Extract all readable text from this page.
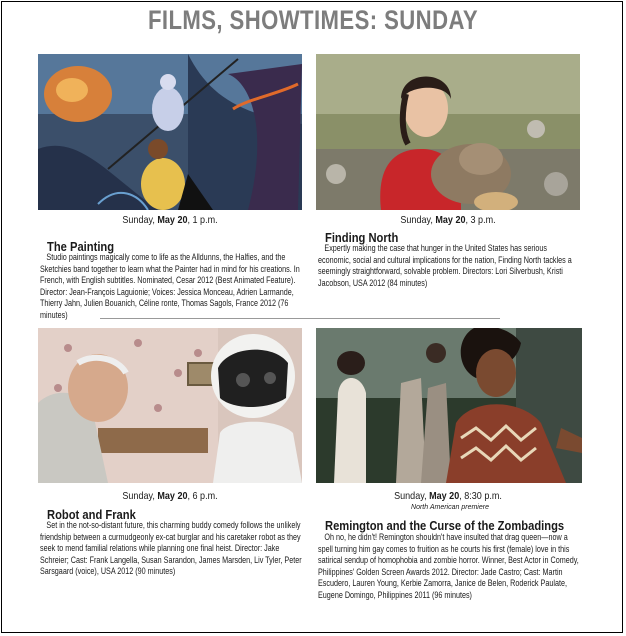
FILMS, SHOWTIMES: SUNDAY
Sunday, May 20, 1 p.m.
The Painting
Studio paintings magically come to life as the Alldunns, the Halfies, and the Sketchies band together to learn what the Painter had in mind for his creations. In French, with English subtitles. Nominated, Cesar 2012 (Best Animated Feature). Director: Jean-François Laguionie; Voices: Jessica Monceau, Adrien Larmande, Thierry Jahn, Julien Bouanich, Céline ronte, Thomas Sagols, France 2012 (76 minutes)
Sunday, May 20, 3 p.m.
Finding North
Expertly making the case that hunger in the United States has serious economic, social and cultural implications for the nation, Finding North tackles a seemingly straightforward, solvable problem. Directors: Lori Silverbush, Kristi Jacobson, USA 2012 (84 minutes)
Sunday, May 20, 6 p.m.
Robot and Frank
Set in the not-so-distant future, this charming buddy comedy follows the unlikely friendship between a curmudgeonly ex-cat burglar and his caretaker robot as they seek to mend familial relations while planning one final heist. Director: Jake Schreier; Cast: Frank Langella, Susan Sarandon, James Marsden, Liv Tyler, Peter Sarsgaard (voice), USA 2012 (90 minutes)
Sunday, May 20, 8:30 p.m.
North American premiere
Remington and the Curse of the Zombadings
Oh no, he didn't! Remington shouldn't have insulted that drag queen—now a spell turning him gay comes to fruition as he courts his first (female) love in this satirical sendup of homophobia and zombie horror. Winner, Best Actor in Comedy, Philippines' Golden Screen Awards 2012. Director: Jade Castro; Cast: Martin Escudero, Lauren Young, Kerbie Zamorra, Janice de Belen, Roderick Paulate, Eugene Domingo, Philippines 2011 (96 minutes)
